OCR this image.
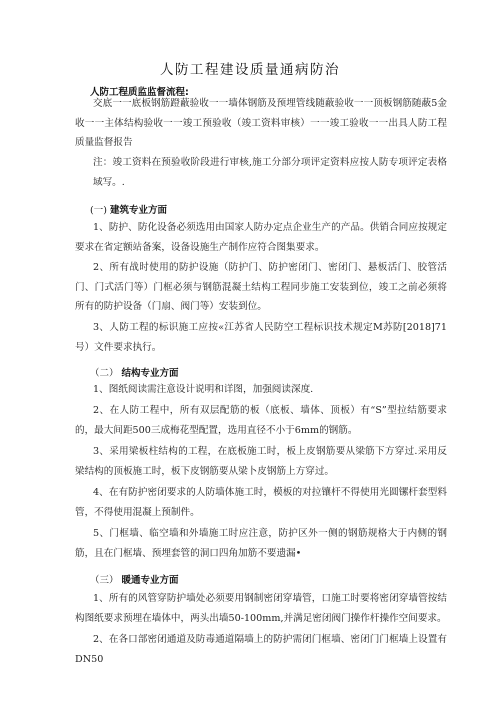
人防工程建设质量通病防治
人防工程质监监督流程:
交底一一底板钢筋蹬蔽验收一一墙体钢筋及预埋管线随蔽验收一一顶板钢筋随蔽5金收一一主体结构验收一一竣工预验收（竣工资料审核）一一竣工验收一一出具人防工程质量监督报告
注：竣工资料在预验收阶段进行审核,施工分部分项评定资料应按人防专项评定表格域写。.
(一) 建筑专业方面
1、防护、防化设备必须选用由国家人防办定点企业生产的产品。供销合同应按规定要求在省定额站备案，设备设施生产制作应符合图集要求。
2、所有战时使用的防护设施（防护门、防护密闭门、密闭门、悬板活门、胶管活门、门式活门等）门框必须与钢筋混凝土结构工程同步施工安装到位，竣工之前必须将所有的防护设备（门扇、阀门等）安装到位。
3、人防工程的标识施工应按«江苏省人民防空工程标识技术规定M苏防[2018]71号）文件要求执行。
（二） 结构专业方面
1、图纸阅读需注意设计说明和详图，加强阅读深度.
2、在人防工程中，所有双层配筋的板（底板、墙体、顶板）有“S”型拉结筋要求的，最大间距500三成梅花型配置，选用直径不小于6mm的钢筋。
3、采用梁板柱结构的工程，在底板施工时，板上皮钢筋要从梁筋下方穿过.采用反梁结构的顶板施工时，板下皮钢筋要从梁卜皮钢筋上方穿过。
4、在有防护密闭要求的人防墙体施工时，模板的对拉镶杆不得使用光圆镙杆套型料管，不得使用混凝上预制件。
5、门框墙、临空墙和外墙施工时应注意，防护区外一侧的钢筋规格大于内侧的钢筋，且在门框墙、预埋套管的洞口四角加筋不要遗漏•
（三） 暖通专业方面
1、所有的风管穿防护墙处必须要用钢制密闭穿墙管，口施工时要将密闭穿墙管按结构图纸要求预埋在墙体中，两头出墙50-100mm,并满足密闭阀门操作杆操作空间要求。
2、在各口部密闭通道及防毒通道隔墙上的防护需闭门框墙、密闭门门框墙上设置有DN50
